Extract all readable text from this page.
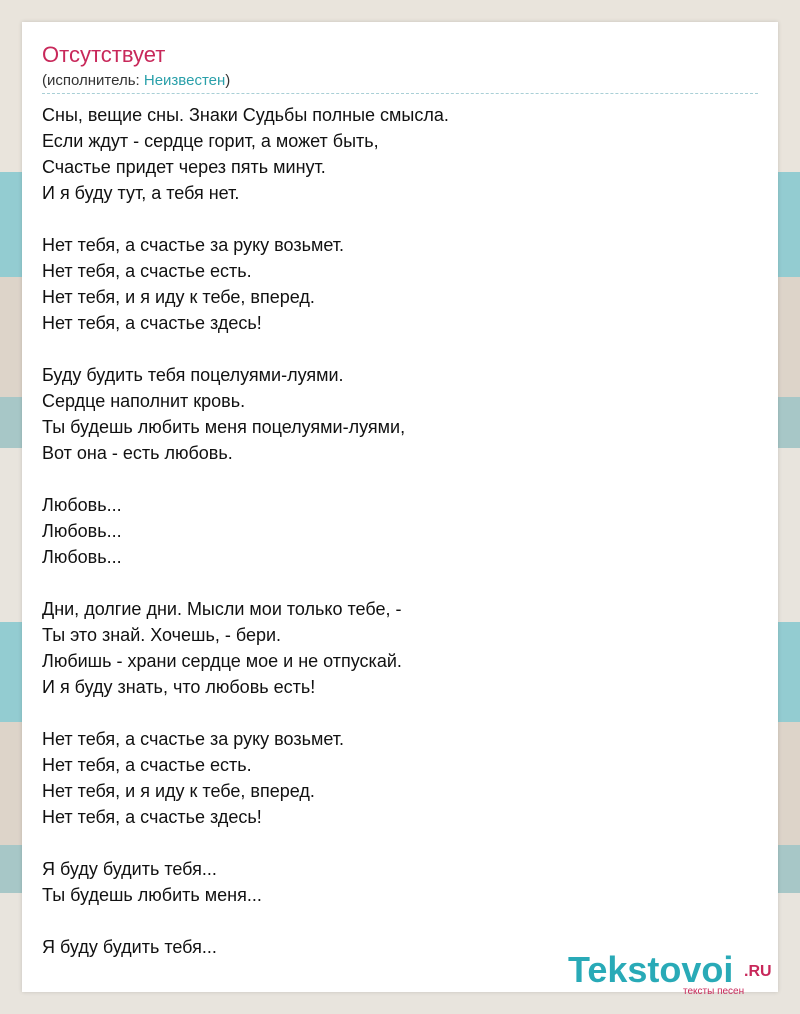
Отсутствует
(исполнитель: Неизвестен)
Сны, вещие сны. Знаки Судьбы полные смысла.
Если ждут - сердце горит, а может быть,
Счастье придет через пять минут.
И я буду тут, а тебя нет.
Нет тебя, а счастье за руку возьмет.
Нет тебя, а счастье есть.
Нет тебя, и я иду к тебе, вперед.
Нет тебя, а счастье здесь!
Буду будить тебя поцелуями-луями.
Сердце наполнит кровь.
Ты будешь любить меня поцелуями-луями,
Вот она - есть любовь.
Любовь...
Любовь...
Любовь...
Дни, долгие дни. Мысли мои только тебе, -
Ты это знай. Хочешь, - бери.
Любишь - храни сердце мое и не отпускай.
И я буду знать, что любовь есть!
Нет тебя, а счастье за руку возьмет.
Нет тебя, а счастье есть.
Нет тебя, и я иду к тебе, вперед.
Нет тебя, а счастье здесь!
Я буду будить тебя...
Ты будешь любить меня...
Я буду будить тебя...
Tekstovoi .RU
тексты песен
